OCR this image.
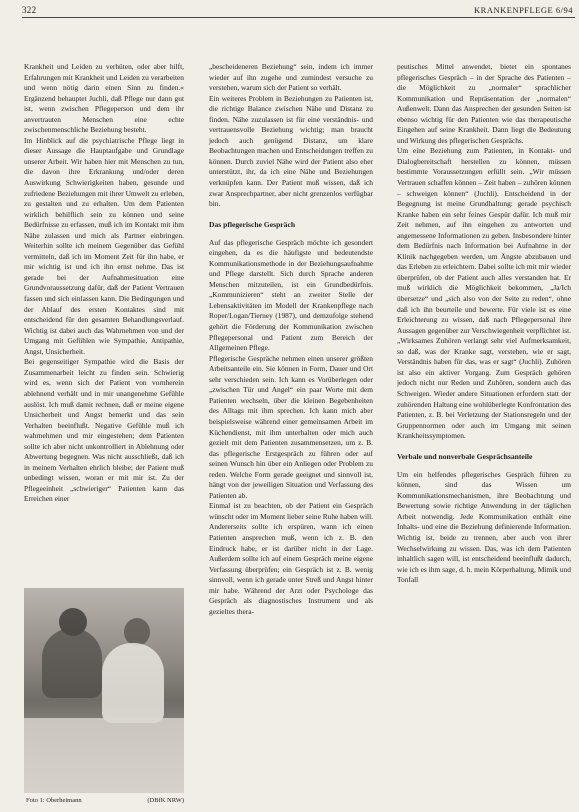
322	KRANKENPFLEGE 6/94

Krankheit und Leiden zu verhüten, oder aber hilft, Erfahrungen mit Krankheit und Leiden zu verarbeiten und wenn nötig darin einen Sinn zu finden.« Ergänzend behauptet Juchli, daß Pflege nur dann gut ist, wenn zwischen Pflegeperson und dem ihr anvertrauten Menschen eine echte zwischenmenschliche Beziehung besteht.

Im Hinblick auf die psychiatrische Pflege liegt in dieser Aussage die Hauptaufgabe und Grundlage unserer Arbeit. Wir haben hier mit Menschen zu tun, die davon ihre Erkrankung und/oder deren Auswirkung Schwierigkeiten haben, gesunde und zufriedene Beziehungen mit ihrer Umwelt zu erleben, zu gestalten und zu erhalten. Um dem Patienten wirklich behilflich sein zu können und seine Bedürfnisse zu erfassen, muß ich im Kontakt mit ihm Nähe zulassen und mich als Partner einbringen. Weiterhin sollte ich meinem Gegenüber das Gefühl vermitteln, daß ich im Moment Zeit für ihn habe, er mir wichtig ist und ich ihn ernst nehme. Das ist gerade bei der Aufnahmesituation eine Grundvoraussetzung dafür, daß der Patient Vertrauen fassen und sich einlassen kann. Die Bedingungen und der Ablauf des ersten Kontaktes sind mit entscheidend für den gesamten Behandlungsverlauf. Wichtig ist dabei auch das Wahrnehmen von und der Umgang mit Gefühlen wie Sympathie, Antipathie, Angst, Unsicherheit.

Bei gegenseitiger Sympathie wird die Basis der Zusammenarbeit leicht zu finden sein. Schwierig wird es, wenn sich der Patient von vornherein ablehnend verhält und in mir unangenehme Gefühle auslöst. Ich muß damit rechnen, daß er meine eigene Unsicherheit und Angst bemerkt und das sein Verhalten beeinflußt. Negative Gefühle muß ich wahrnehmen und mir eingestehen; dem Patienten sollte ich aber nicht unkontrolliert in Ablehnung oder Abwertung begegnen. Was nicht ausschließt, daß ich in meinem Verhalten ehrlich bleibe; der Patient muß unbedingt wissen, woran er mit mir ist. Zu der Pflegeeinheit „schwieriger“ Patienten kann das Erreichen einer

Foto 1: Oberheimann	(DBfK NRW)

„bescheideneren Beziehung“ sein, indem ich immer wieder auf ihn zugehe und zumindest versuche zu verstehen, warum sich der Patient so verhält.

Ein weiteres Problem in Beziehungen zu Patienten ist, die richtige Balance zwischen Nähe und Distanz zu finden. Nähe zuzulassen ist für eine verständnis- und vertrauensvolle Beziehung wichtig; man braucht jedoch auch genügend Distanz, um klare Beobachtungen machen und Entscheidungen treffen zu können. Durch zuviel Nähe wird der Patient also eher unterstützt, ihr, da ich eine Nähe und Beziehungen verknüpfen kann. Der Patient muß wissen, daß ich zwar Ansprechpartner, aber nicht grenzenlos verfügbar bin.

Das pflegerische Gespräch

Auf das pflegerische Gespräch möchte ich gesondert eingehen, da es die häufigste und bedeutendste Kommunikationsmethode in der Beziehungsaufnahme und Pflege darstellt. Sich durch Sprache anderen Menschen mitzuteilen, ist ein Grundbedürfnis. „Kommunizieren“ steht an zweiter Stelle der Lebensaktivitäten im Modell der Krankenpflege nach Roper/Logan/Tierney (1987), und demzufolge stehend gehört die Förderung der Kommunikation zwischen Pflegepersonal und Patient zum Bereich der Allgemeinen Pflege.

Pflegerische Gespräche nehmen einen unserer größten Arbeitsanteile ein. Sie können in Form, Dauer und Ort sehr verschieden sein. Ich kann es Vorüberlegen oder „zwischen Tür und Angel“ ein paar Worte mit dem Patienten wechseln, über die kleinen Begebenheiten des Alltags mit ihm sprechen. Ich kann mich aber beispielsweise während einer gemeinsamen Arbeit im Küchendienst, mit ihm unterhalten oder mich auch gezielt mit dem Patienten zusammensetzen, um z. B. das pflegerische Erstgespräch zu führen oder auf seinen Wunsch hin über ein Anliegen oder Problem zu reden. Welche Form gerade geeignet und sinnvoll ist, hängt von der jeweiligen Situation und Verfassung des Patienten ab.

Einmal ist zu beachten, ob der Patient ein Gespräch wünscht oder im Moment lieber seine Ruhe haben will. Andererseits sollte ich erspüren, wann ich einen Patienten ansprechen muß, wenn ich z. B. den Eindruck habe, er ist darüber nicht in der Lage. Außerdem sollte ich auf einem Gespräch meine eigene Verfassung überprüfen; ein Gespräch ist z. B. wenig sinnvoll, wenn ich gerade unter Streß und Angst hinter mir habe. Während der Arzt oder Psychologe das Gespräch als diagnostisches Instrument und als gezieltes thera-

peutisches Mittel anwendet, bietet ein spontanes pflegerisches Gespräch – in der Sprache des Patienten – die Möglichkeit zu „normaler“ sprachlicher Kommunikation und Repräsentation der „normalen“ Außenwelt. Dann das Ansprechen der gesunden Seiten ist ebenso wichtig für den Patienten wie das therapeutische Eingehen auf seine Krankheit. Dann liegt die Bedeutung und Wirkung des pflegerischen Gesprächs.

Um eine Beziehung zum Patienten, in Kontakt- und Dialogbereitschaft herstellen zu können, müssen bestimmte Voraussetzungen erfüllt sein. „Wir müssen Vertrauen schaffen können – Zeit haben – zuhören können – schweigen können“ (Juchli). Entscheidend in der Begegnung ist meine Grundhaltung: gerade psychisch Kranke haben ein sehr feines Gespür dafür. Ich muß mir Zeit nehmen, auf ihn eingehen zu antworten und angemessene Informationen zu geben. Insbesondere hinter dem Bedürfnis nach Information bei Aufnahme in der Klinik nachgegeben werden, um Ängste abzubauen und das Erleben zu erleichtern. Dabei sollte ich mit mir wieder überprüfen, ob der Patient auch alles verstanden hat. Er muß wirklich die Möglichkeit bekommen, „Ja/Ich übersetze“ und „sich also von der Seite zu reden“, ohne daß ich ihn beurteile und bewerte. Für viele ist es eine Erleichterung zu wissen, daß nach Pflegepersonal ihre Aussagen gegenüber zur Verschwiegenheit verpflichtet ist. „Wirksames Zuhören verlangt sehr viel Aufmerksamkeit, so daß, was der Kranke sagt, verstehen, wie er sagt, Verständnis haben für das, was er sagt“ (Juchli). Zuhören ist also ein aktiver Vorgang. Zum Gespräch gehören jedoch nicht nur Reden und Zuhören, sondern auch das Schweigen. Wieder andere Situationen erfordern statt der zuhörenden Haltung eine wohlüberlegte Konfrontation des Patienten, z. B. bei Verletzung der Stationsregeln und der Gruppennormen oder auch im Umgang mit seinen Krankheitssymptomen.

Verbale und nonverbale Gesprächsanteile

Um ein helfendes pflegerisches Gespräch führen zu können, sind das Wissen um Kommunikationsmechanismen, ihre Beobachtung und Bewertung sowie richtige Anwendung in der täglichen Arbeit notwendig. Jede Kommunikation enthält eine Inhalts- und eine die Beziehung definierende Information. Wichtig ist, beide zu trennen, aber auch von ihrer Wechselwirkung zu wissen. Das, was ich dem Patienten inhaltlich sagen will, ist entscheidend beeinflußt dadurch, wie ich es ihm sage, d. h. mein Körperhaltung, Mimik und Tonfall
